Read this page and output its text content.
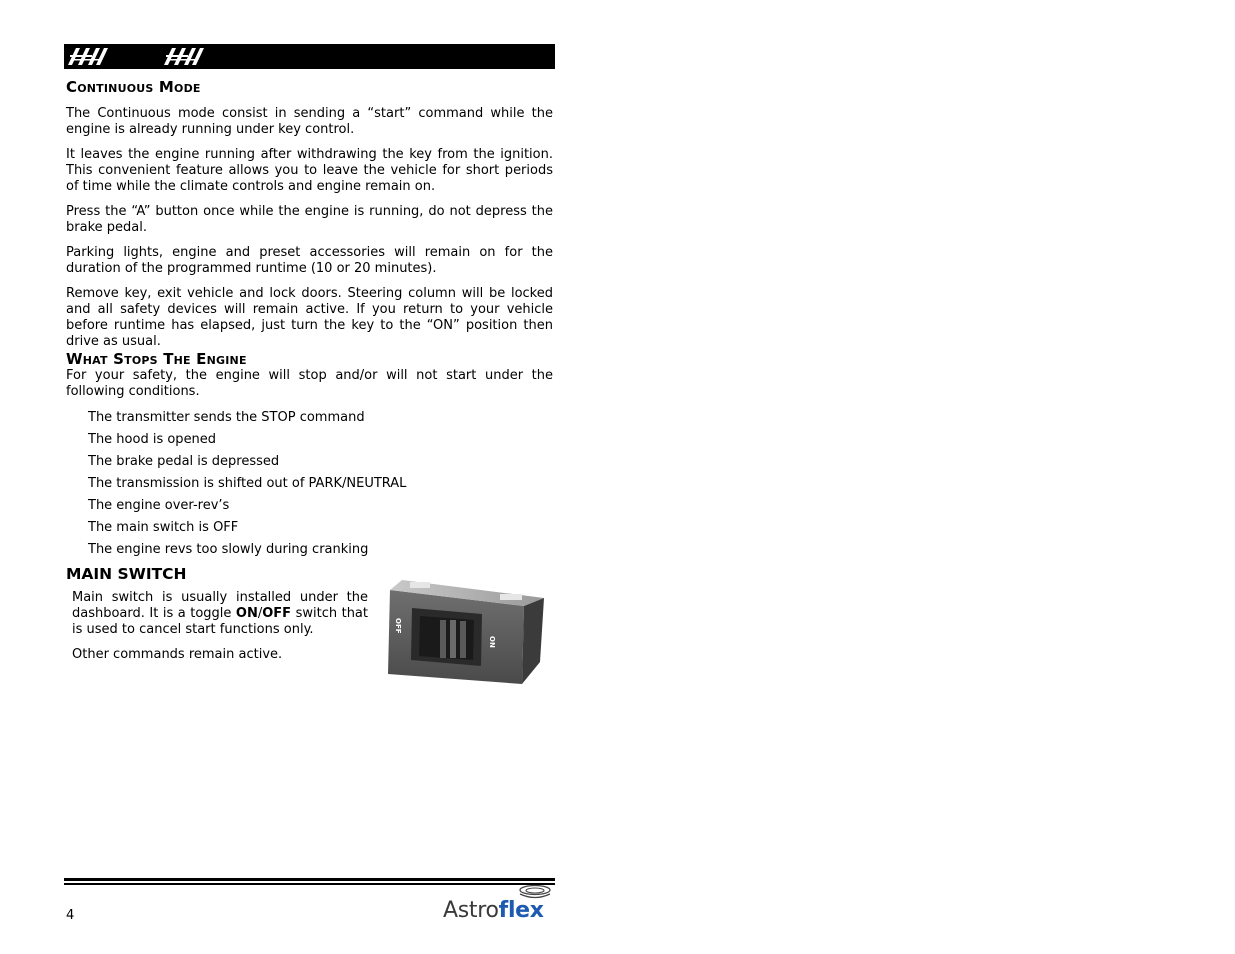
Continuous Mode

The Continuous mode consist in sending a “start” command while the engine is already running under key control.

It leaves the engine running after withdrawing the key from the ignition. This convenient feature allows you to leave the vehicle for short periods of time while the climate controls and engine remain on.

Press the “A” button once while the engine is running, do not depress the brake pedal.

Parking lights, engine and preset accessories will remain on for the duration of the programmed runtime (10 or 20 minutes).

Remove key, exit vehicle and lock doors. Steering column will be locked and all safety devices will remain active. If you return to your vehicle before runtime has elapsed, just turn the key to the “ON” position then drive as usual.

What Stops The Engine

For your safety, the engine will stop and/or will not start under the following conditions.

The transmitter sends the STOP command
The hood is opened
The brake pedal is depressed
The transmission is shifted out of PARK/NEUTRAL
The engine over-rev’s
The main switch is OFF
The engine revs too slowly during cranking
MAIN SWITCH

Main switch is usually installed under the dashboard. It is a toggle ON/OFF switch that is used to cancel start functions only.

Other commands remain active.

OFF
ON
4	Astroflex
